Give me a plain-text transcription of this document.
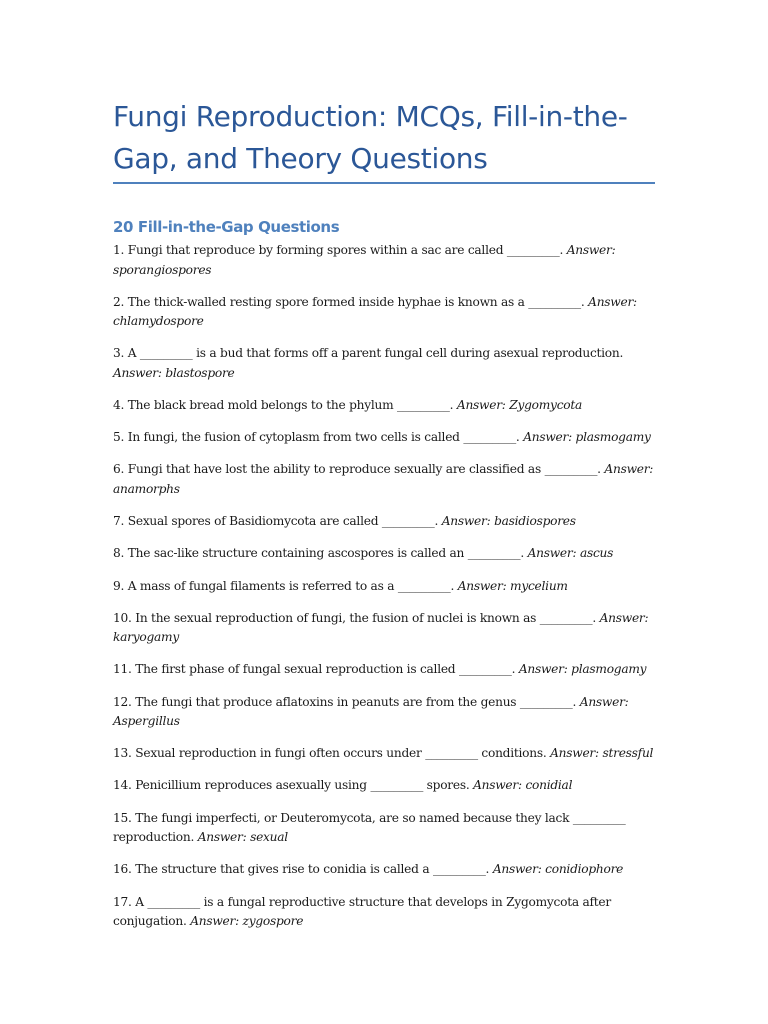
Fungi Reproduction: MCQs, Fill-in-the-Gap, and Theory Questions
20 Fill-in-the-Gap Questions
1. Fungi that reproduce by forming spores within a sac are called _________. Answer: sporangiospores
2. The thick-walled resting spore formed inside hyphae is known as a _________. Answer: chlamydospore
3. A _________ is a bud that forms off a parent fungal cell during asexual reproduction. Answer: blastospore
4. The black bread mold belongs to the phylum _________. Answer: Zygomycota
5. In fungi, the fusion of cytoplasm from two cells is called _________. Answer: plasmogamy
6. Fungi that have lost the ability to reproduce sexually are classified as _________. Answer: anamorphs
7. Sexual spores of Basidiomycota are called _________. Answer: basidiospores
8. The sac-like structure containing ascospores is called an _________. Answer: ascus
9. A mass of fungal filaments is referred to as a _________. Answer: mycelium
10. In the sexual reproduction of fungi, the fusion of nuclei is known as _________. Answer: karyogamy
11. The first phase of fungal sexual reproduction is called _________. Answer: plasmogamy
12. The fungi that produce aflatoxins in peanuts are from the genus _________. Answer: Aspergillus
13. Sexual reproduction in fungi often occurs under _________ conditions. Answer: stressful
14. Penicillium reproduces asexually using _________ spores. Answer: conidial
15. The fungi imperfecti, or Deuteromycota, are so named because they lack _________ reproduction. Answer: sexual
16. The structure that gives rise to conidia is called a _________. Answer: conidiophore
17. A _________ is a fungal reproductive structure that develops in Zygomycota after conjugation. Answer: zygospore
